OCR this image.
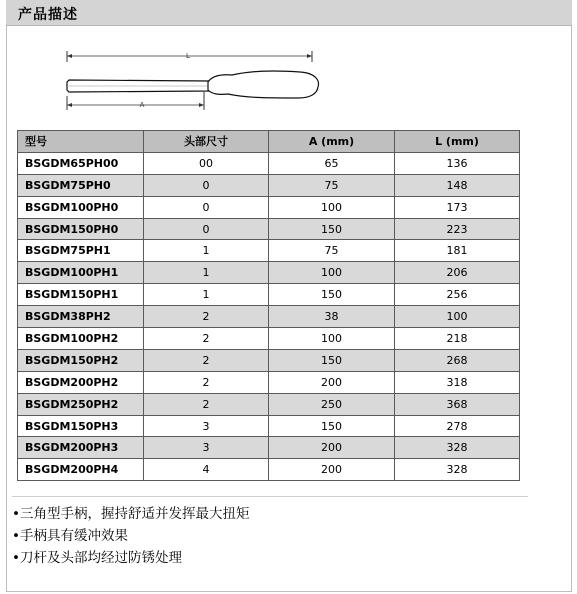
产品描述
L
A
型号	头部尺寸	A (mm)	L (mm)
BSGDM65PH00	00	65	136
BSGDM75PH0	0	75	148
BSGDM100PH0	0	100	173
BSGDM150PH0	0	150	223
BSGDM75PH1	1	75	181
BSGDM100PH1	1	100	206
BSGDM150PH1	1	150	256
BSGDM38PH2	2	38	100
BSGDM100PH2	2	100	218
BSGDM150PH2	2	150	268
BSGDM200PH2	2	200	318
BSGDM250PH2	2	250	368
BSGDM150PH3	3	150	278
BSGDM200PH3	3	200	328
BSGDM200PH4	4	200	328
•三角型手柄，握持舒适并发挥最大扭矩
•手柄具有缓冲效果
•刀杆及头部均经过防锈处理
